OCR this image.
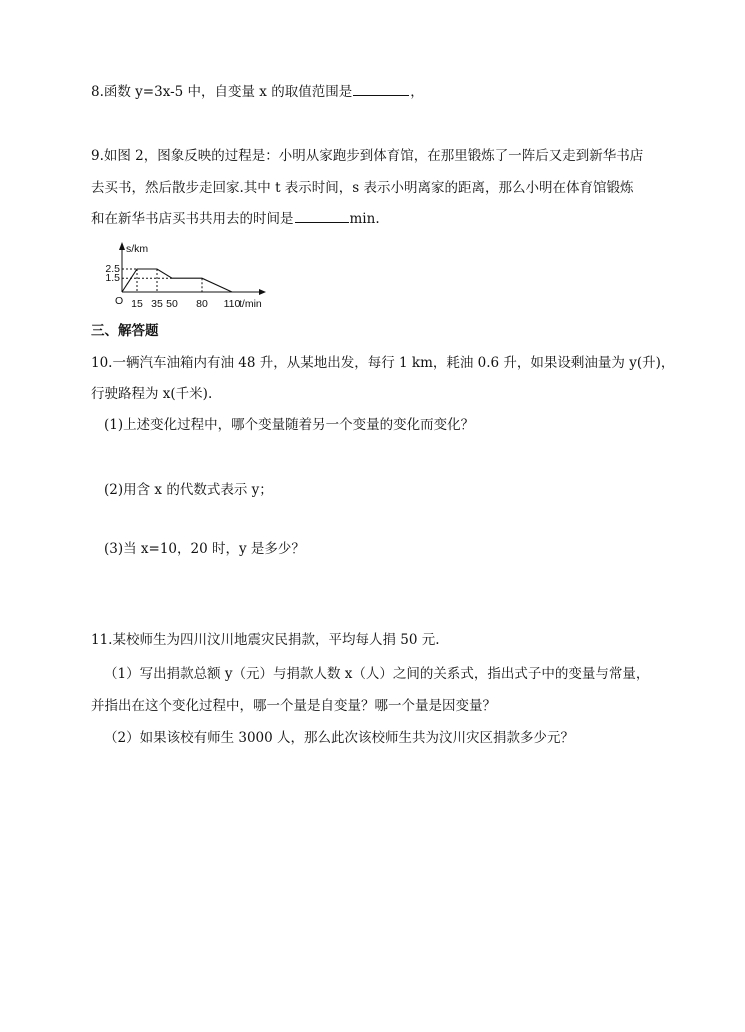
8.函数 y=3x-5 中，自变量 x 的取值范围是	，
9.如图 2，图象反映的过程是：小明从家跑步到体育馆，在那里锻炼了一阵后又走到新华书店
去买书，然后散步走回家.其中 t 表示时间，s 表示小明离家的距离，那么小明在体育馆锻炼
和在新华书店买书共用去的时间是	min.
s/km
t/min
O
2.5
1.5
15 35 50 80 110
三、解答题
10.一辆汽车油箱内有油 48 升，从某地出发，每行 1 km，耗油 0.6 升，如果设剩油量为 y(升)，
行驶路程为 x(千米).
(1)上述变化过程中，哪个变量随着另一个变量的变化而变化？
(2)用含 x 的代数式表示 y；
(3)当 x=10，20 时，y 是多少？
11.某校师生为四川汶川地震灾民捐款，平均每人捐 50 元.
（1）写出捐款总额 y（元）与捐款人数 x（人）之间的关系式，指出式子中的变量与常量，
并指出在这个变化过程中，哪一个量是自变量？哪一个量是因变量？
（2）如果该校有师生 3000 人，那么此次该校师生共为汶川灾区捐款多少元？
